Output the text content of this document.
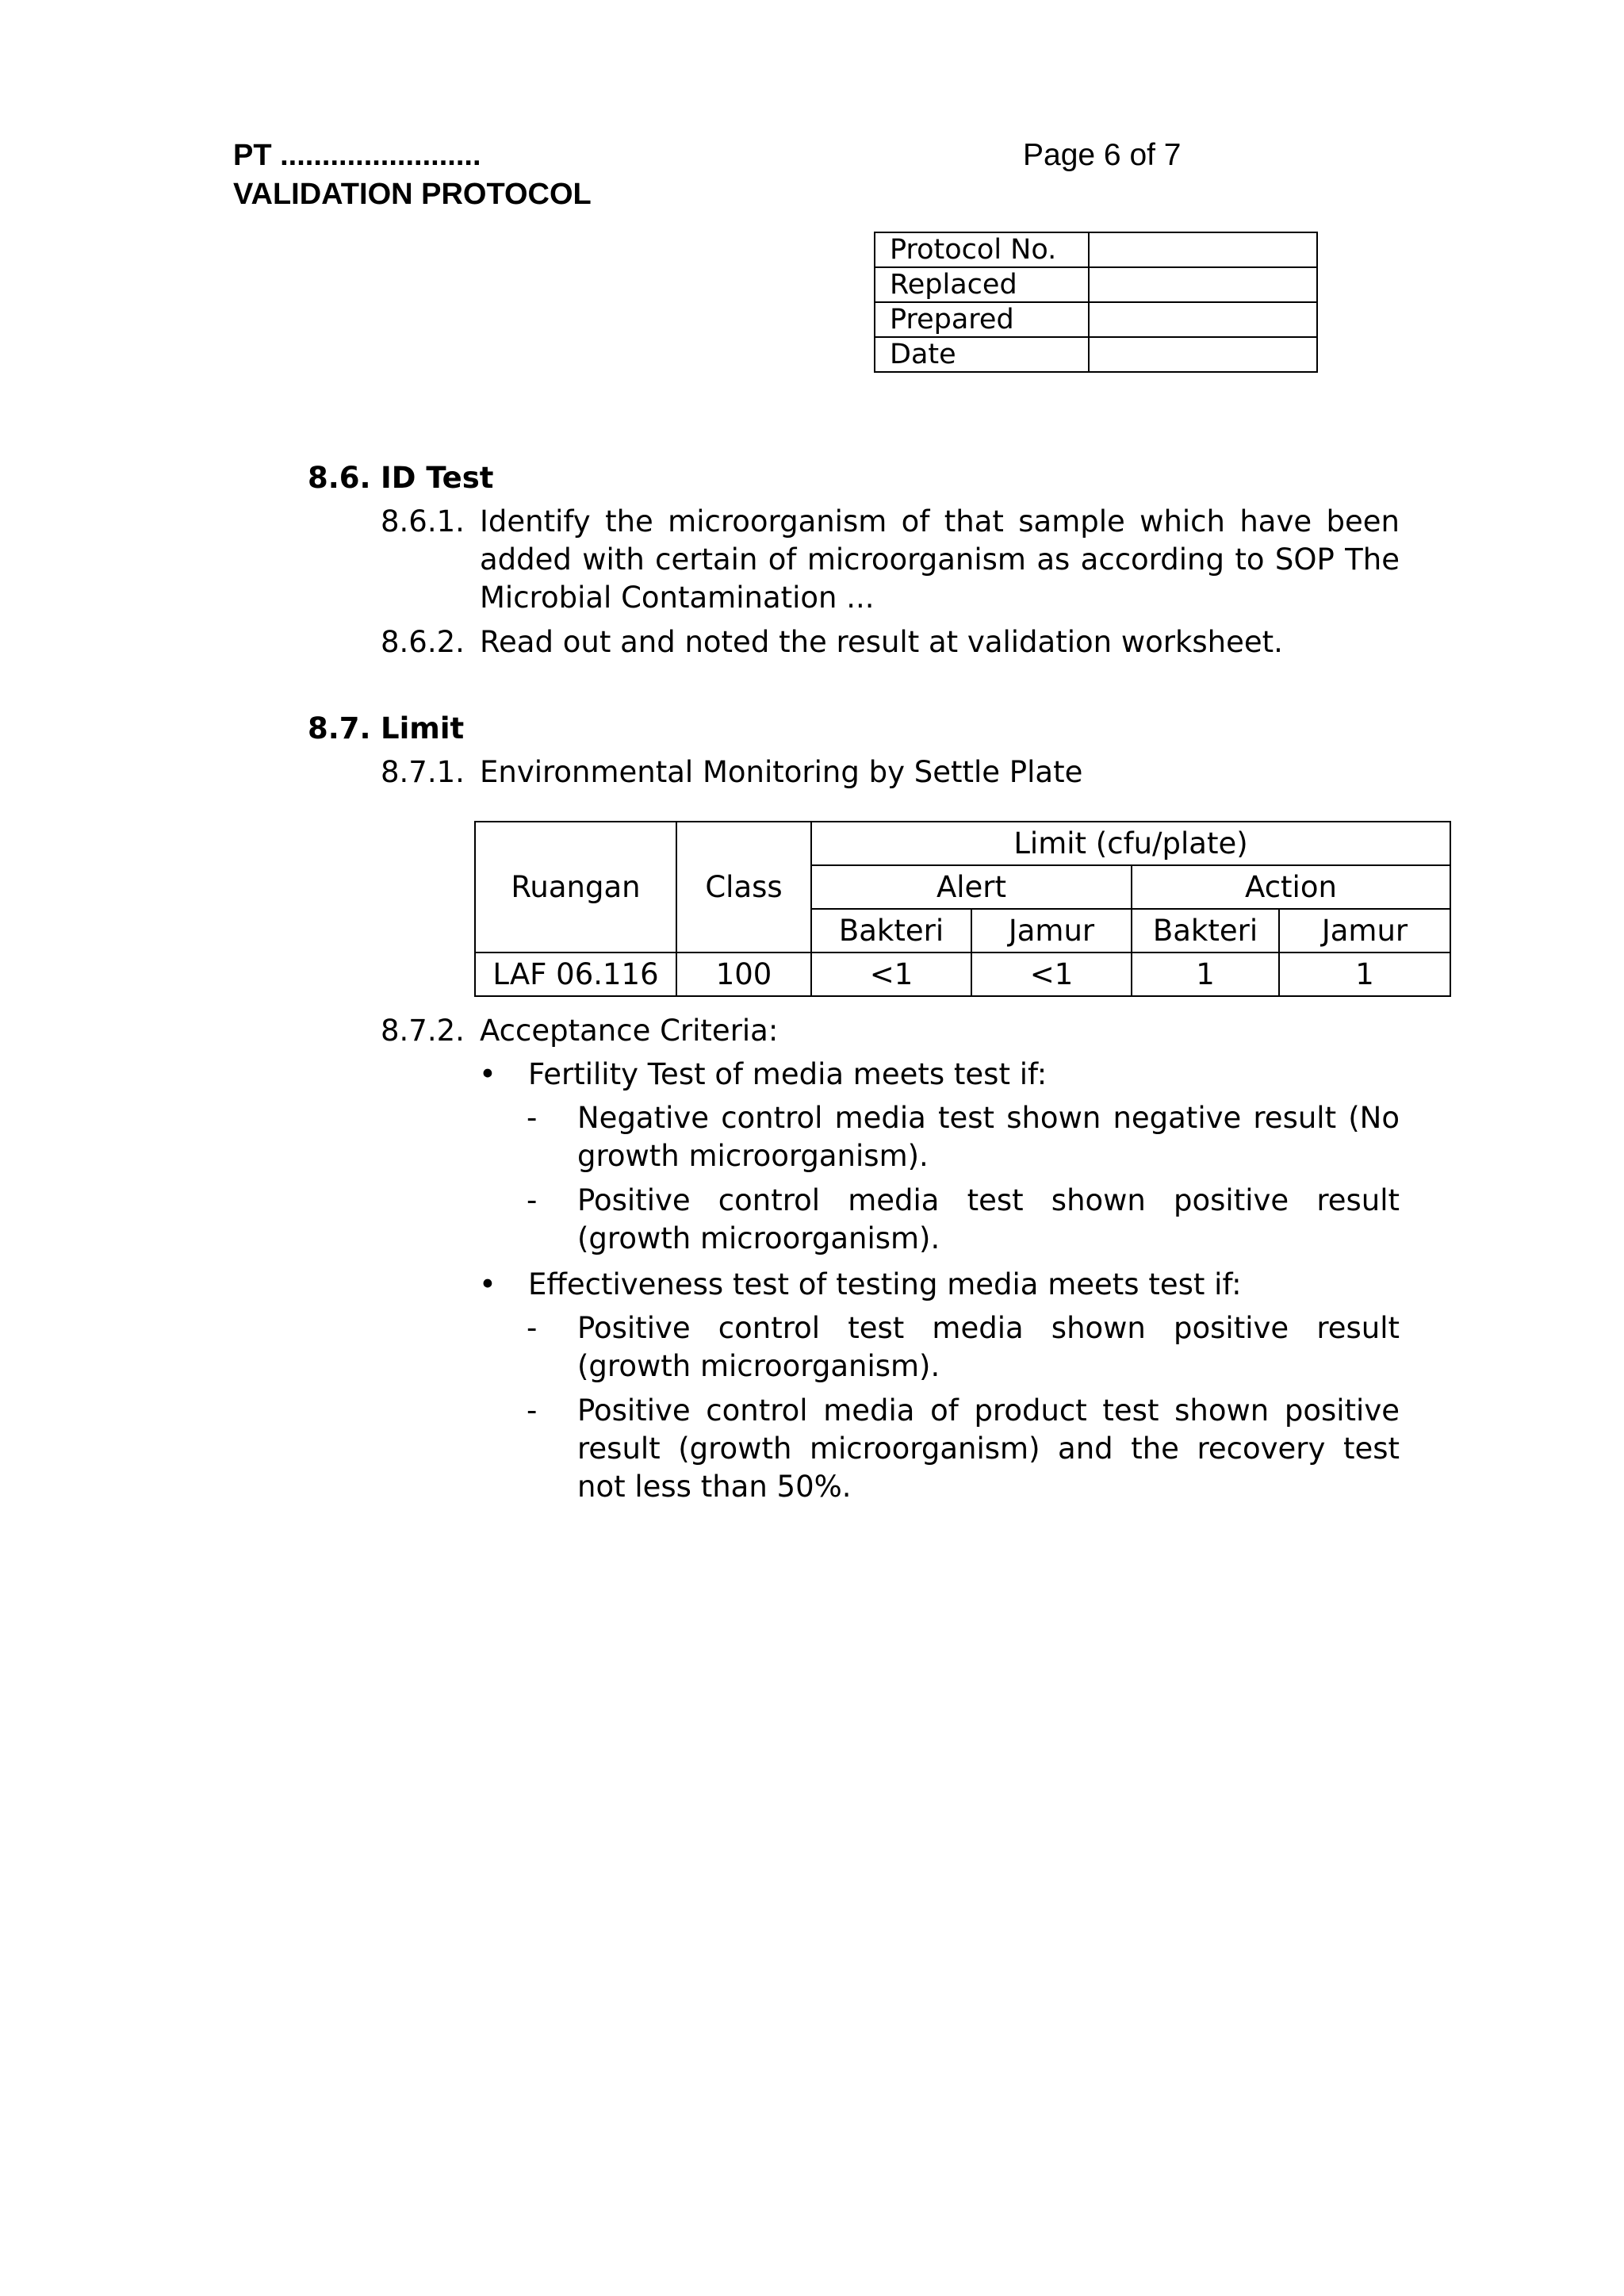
PT ........................
VALIDATION PROTOCOL
Page 6 of 7
Protocol No.	
Replaced	
Prepared	
Date	
8.6. ID Test
8.6.1. Identify the microorganism of that sample which have been added with certain of microorganism as according to SOP The Microbial Contamination ...
8.6.2. Read out and noted the result at validation worksheet.
8.7. Limit
8.7.1. Environmental Monitoring by Settle Plate
Ruangan	Class	Limit (cfu/plate)			
		Alert		Action	
		Bakteri	Jamur	Bakteri	Jamur
LAF 06.116	100	<1	<1	1	1
8.7.2. Acceptance Criteria:
• Fertility Test of media meets test if:
- Negative control media test shown negative result (No growth microorganism).
- Positive control media test shown positive result (growth microorganism).
• Effectiveness test of testing media meets test if:
- Positive control test media shown positive result (growth microorganism).
- Positive control media of product test shown positive result (growth microorganism) and the recovery test not less than 50%.
